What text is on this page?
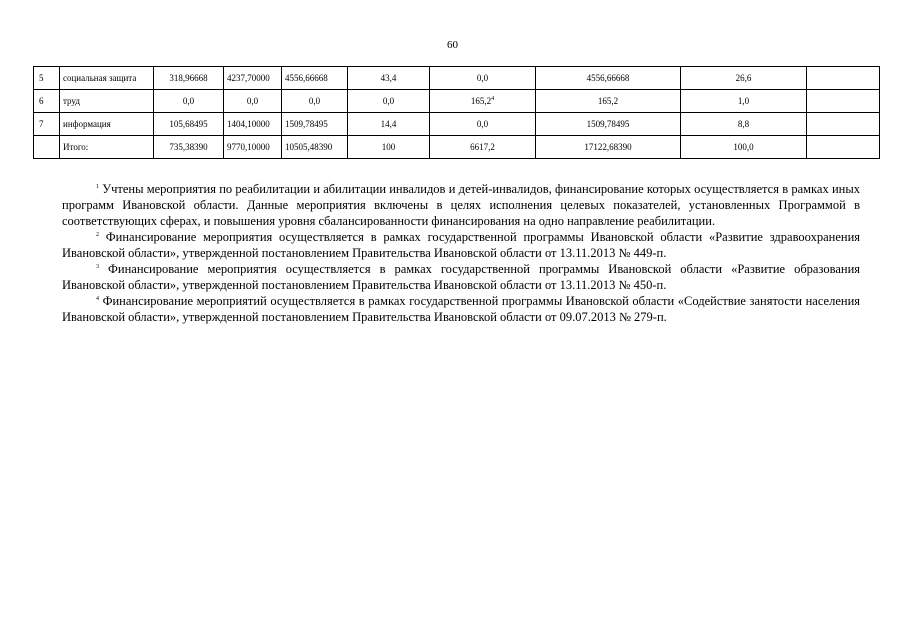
60
5	социальная защита	318,96668	4237,70000	4556,66668	43,4	0,0	4556,66668	26,6	
6	труд	0,0	0,0	0,0	0,0	165,2$^4$	165,2	1,0	
7	информация	105,68495	1404,10000	1509,78495	14,4	0,0	1509,78495	8,8	
	Итого:	735,38390	9770,10000	10505,48390	100	6617,2	17122,68390	100,0	

$^1$ Учтены мероприятия по реабилитации и абилитации инвалидов и детей-инвалидов, финансирование которых осуществляется в рамках иных программ Ивановской области. Данные мероприятия включены в целях исполнения целевых показателей, установленных Программой в соответствующих сферах, и повышения уровня сбалансированности финансирования на одно направление реабилитации.

$^2$ Финансирование мероприятия осуществляется в рамках государственной программы Ивановской области «Развитие здравоохранения Ивановской области», утвержденной постановлением Правительства Ивановской области от 13.11.2013 № 449-п.

$^3$ Финансирование мероприятия осуществляется в рамках государственной программы Ивановской области «Развитие образования Ивановской области», утвержденной постановлением Правительства Ивановской области от 13.11.2013 № 450-п.

$^4$ Финансирование мероприятий осуществляется в рамках государственной программы Ивановской области «Содействие занятости населения Ивановской области», утвержденной постановлением Правительства Ивановской области от 09.07.2013 № 279-п.
